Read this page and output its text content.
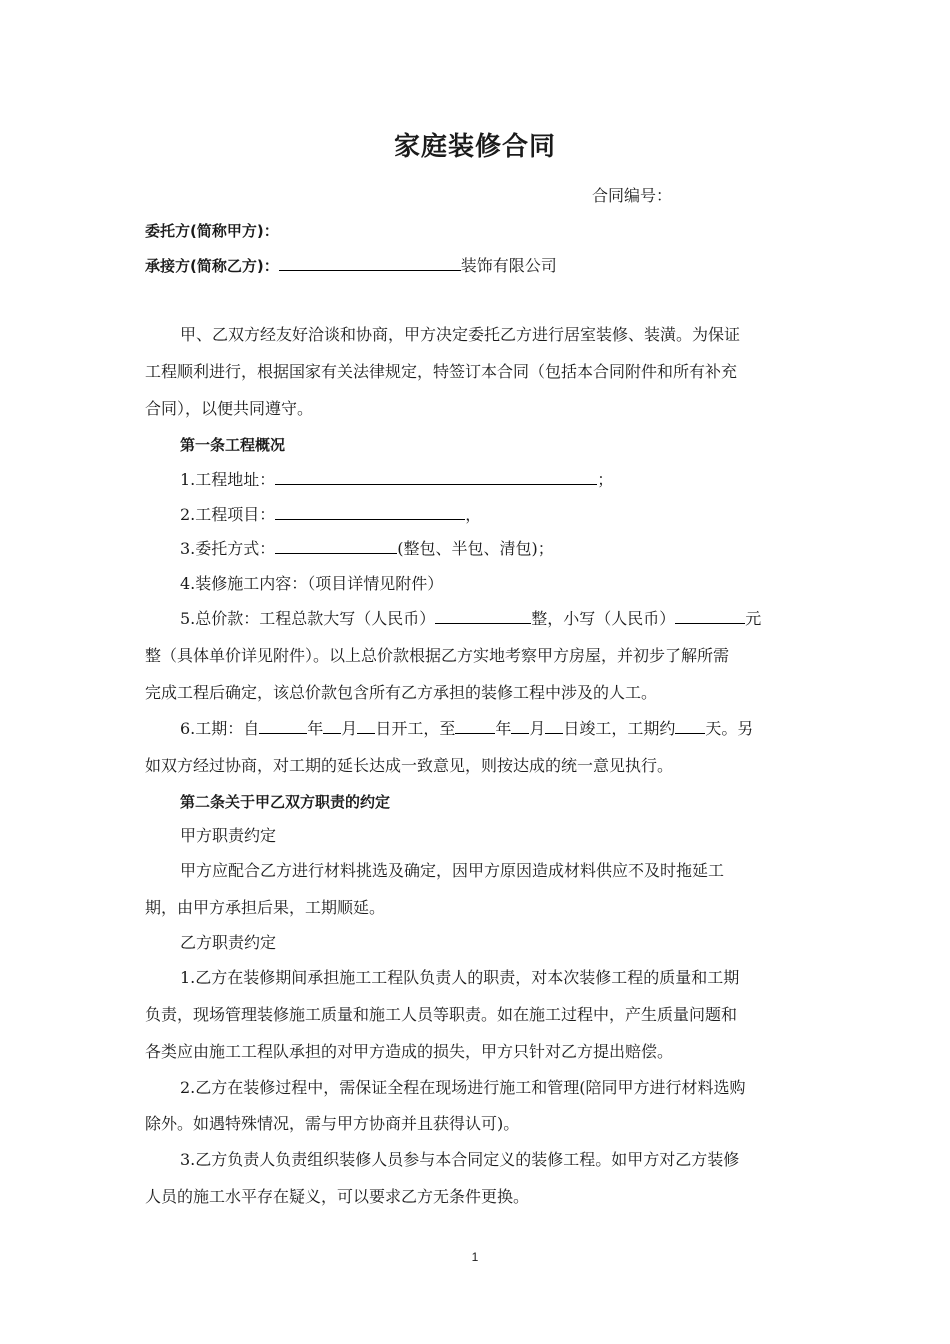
家庭装修合同
合同编号：
委托方(简称甲方)：
承接方(简称乙方)：	装饰有限公司
甲、乙双方经友好洽谈和协商，甲方决定委托乙方进行居室装修、装潢。为保证
工程顺利进行，根据国家有关法律规定，特签订本合同（包括本合同附件和所有补充
合同），以便共同遵守。
第一条工程概况
1.工程地址：	；
2.工程项目：	，
3.委托方式：	(整包、半包、清包)；
4.装修施工内容：（项目详情见附件）
5.总价款：工程总款大写（人民币）	整，小写（人民币）	元
整（具体单价详见附件）。以上总价款根据乙方实地考察甲方房屋，并初步了解所需
完成工程后确定，该总价款包含所有乙方承担的装修工程中涉及的人工。
6.工期：自	年 月 日开工，至	年 月 日竣工，工期约 天。另
如双方经过协商，对工期的延长达成一致意见，则按达成的统一意见执行。
第二条关于甲乙双方职责的约定
甲方职责约定
甲方应配合乙方进行材料挑选及确定，因甲方原因造成材料供应不及时拖延工
期，由甲方承担后果，工期顺延。
乙方职责约定
1.乙方在装修期间承担施工工程队负责人的职责，对本次装修工程的质量和工期
负责，现场管理装修施工质量和施工人员等职责。如在施工过程中，产生质量问题和
各类应由施工工程队承担的对甲方造成的损失，甲方只针对乙方提出赔偿。
2.乙方在装修过程中，需保证全程在现场进行施工和管理(陪同甲方进行材料选购
除外。如遇特殊情况，需与甲方协商并且获得认可)。
3.乙方负责人负责组织装修人员参与本合同定义的装修工程。如甲方对乙方装修
人员的施工水平存在疑义，可以要求乙方无条件更换。
1
